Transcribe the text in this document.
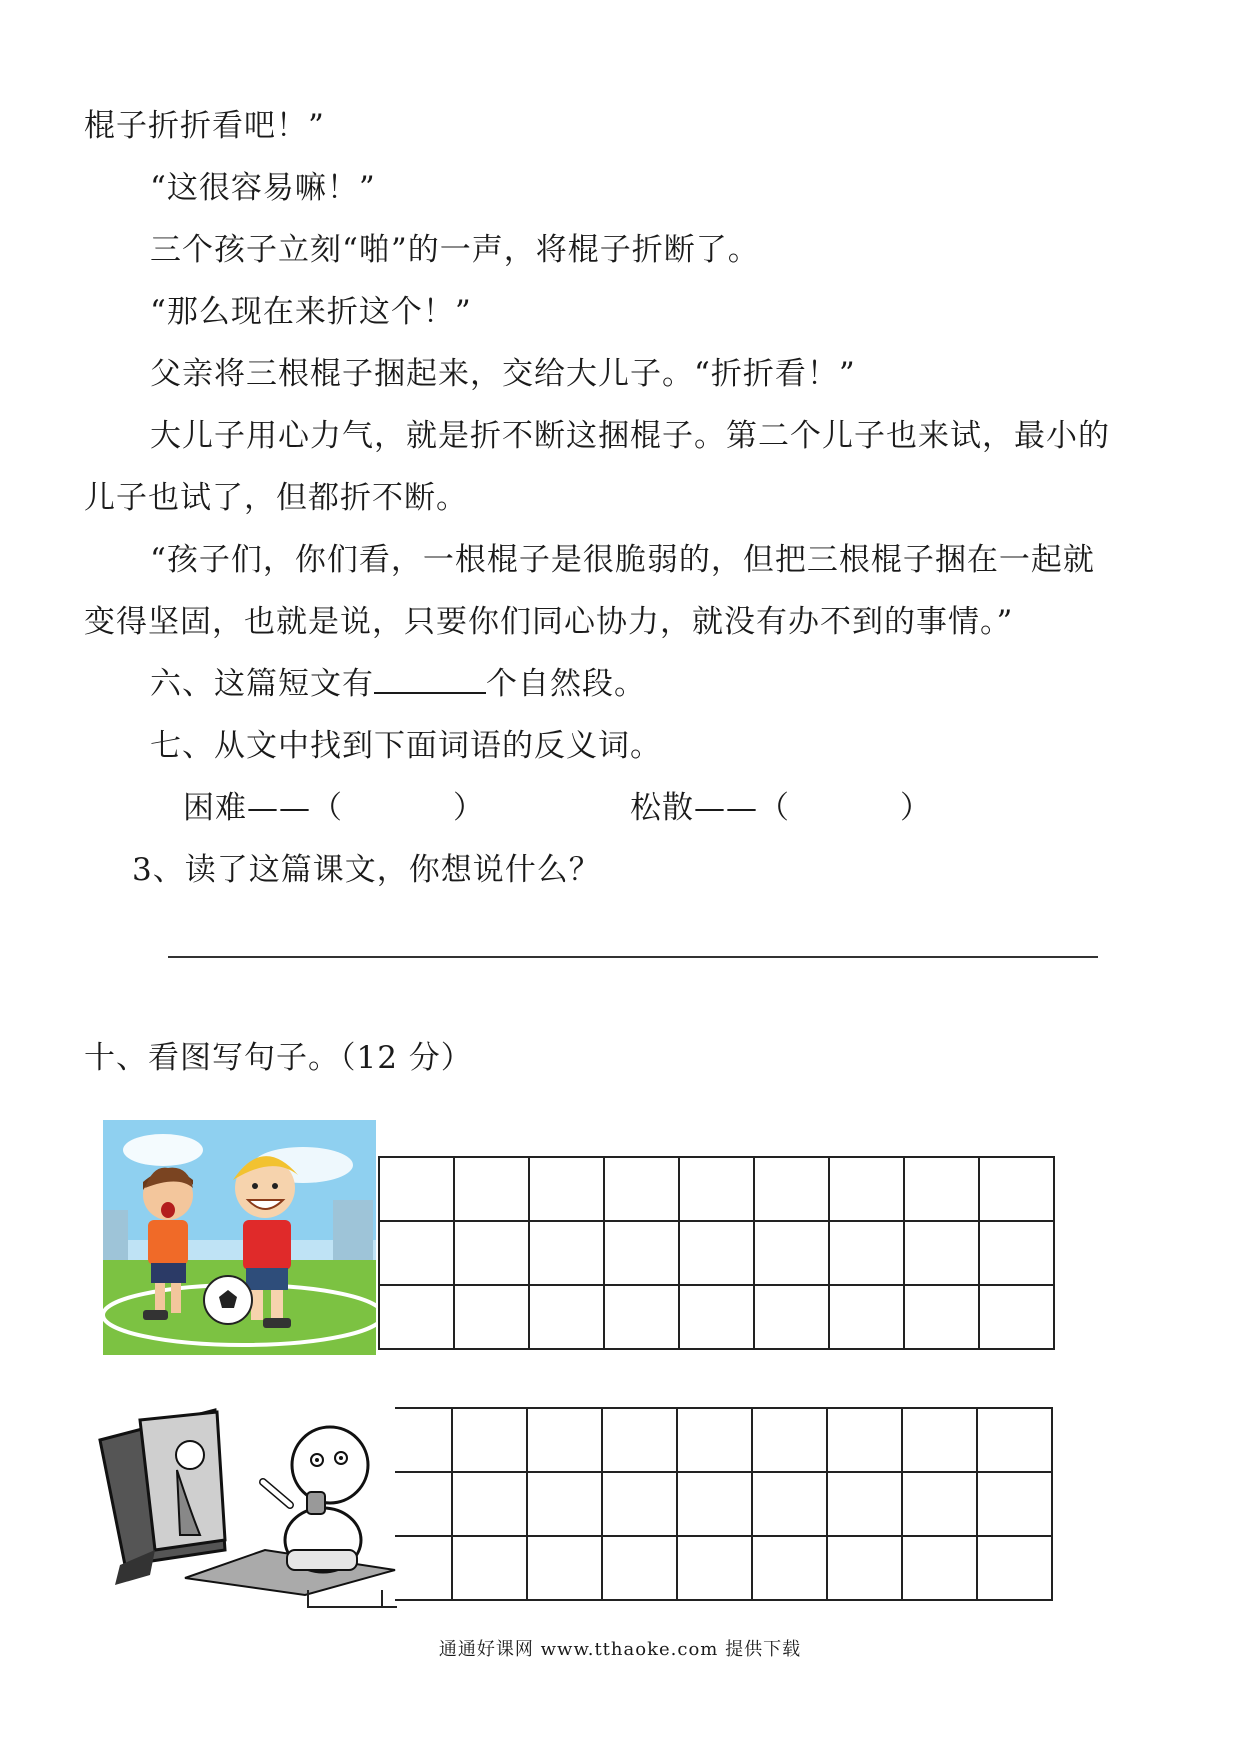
棍子折折看吧！”
“这很容易嘛！”
三个孩子立刻“啪”的一声，将棍子折断了。
“那么现在来折这个！”
父亲将三根棍子捆起来，交给大儿子。“折折看！”
大儿子用心力气，就是折不断这捆棍子。第二个儿子也来试，最小的
儿子也试了，但都折不断。
“孩子们，你们看，一根棍子是很脆弱的，但把三根棍子捆在一起就
变得坚固，也就是说，只要你们同心协力，就没有办不到的事情。”
六、这篇短文有	个自然段。
七、从文中找到下面词语的反义词。
困难——（	）	松散——（	）
3、读了这篇课文，你想说什么？
十、看图写句子。（12 分）

通通好课网 www.tthaoke.com 提供下载
